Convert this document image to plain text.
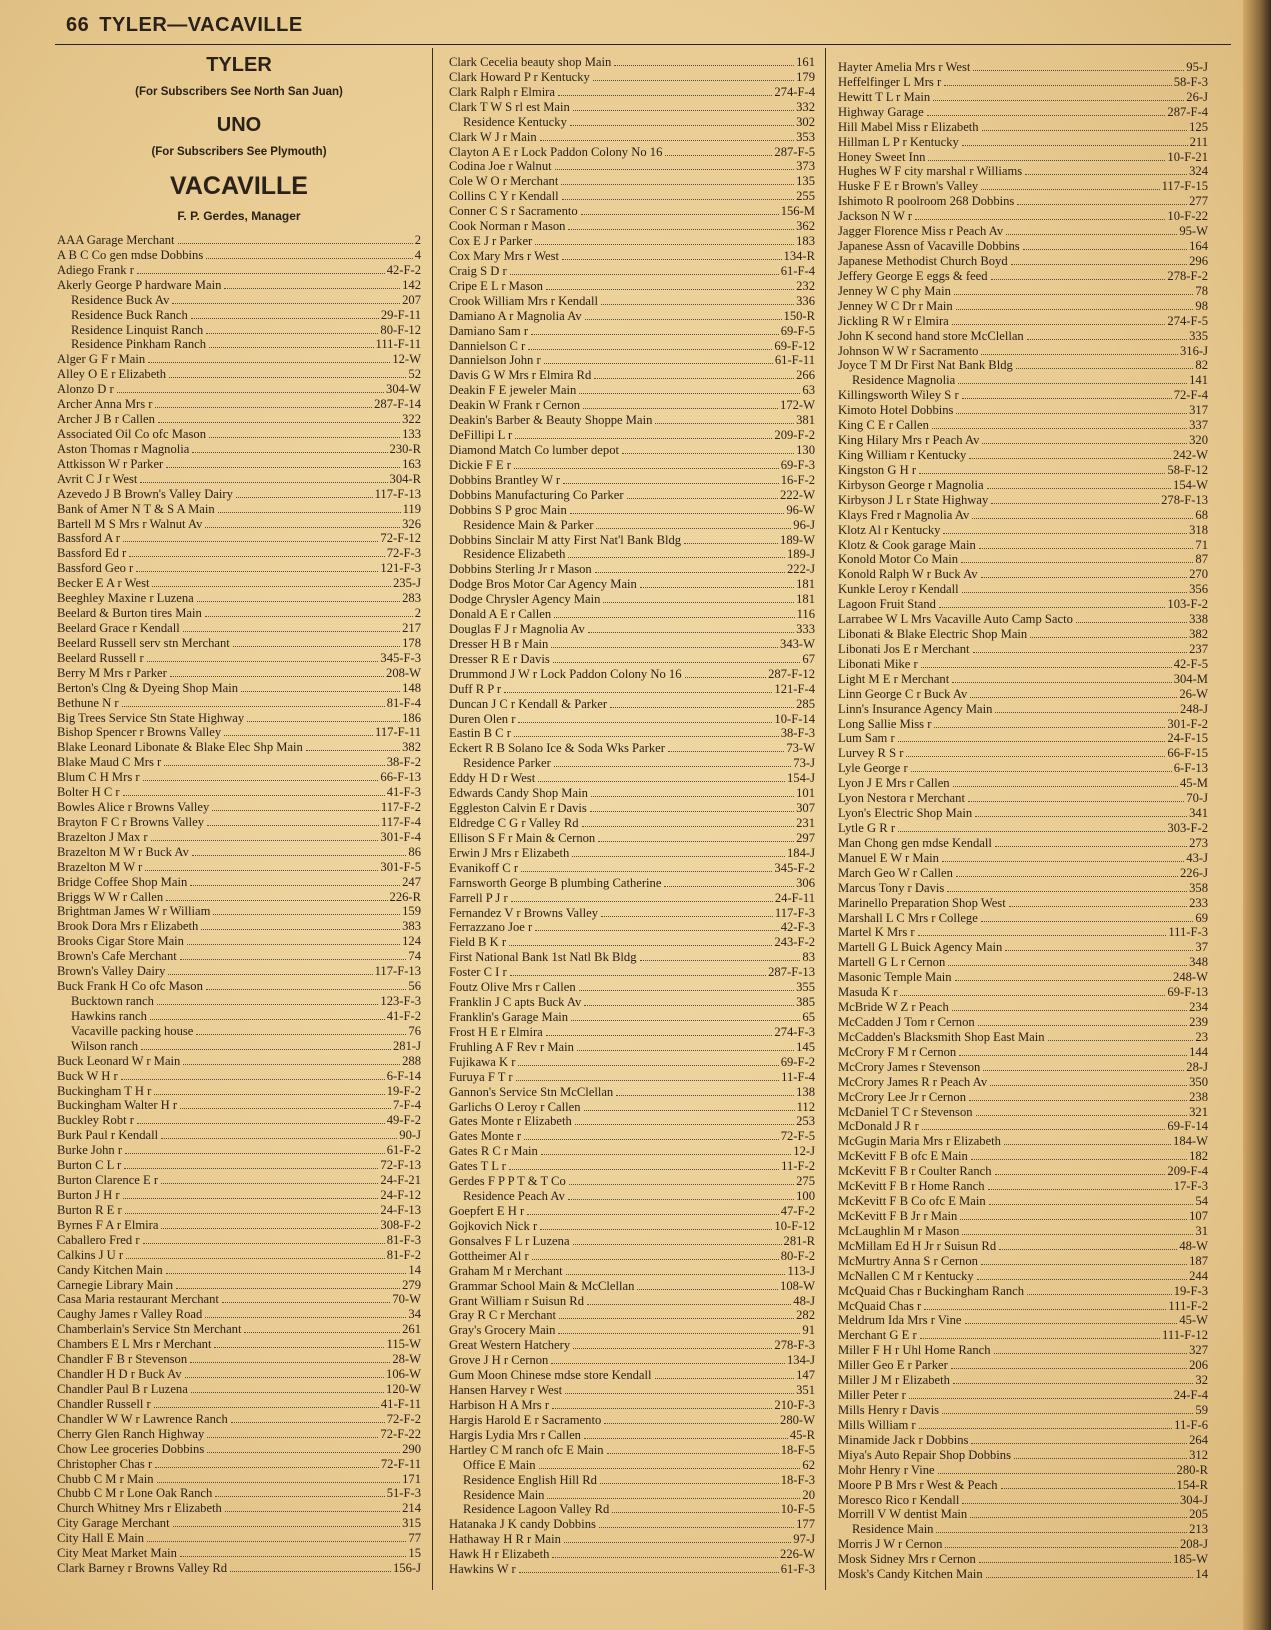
66 TYLER—VACAVILLE
TYLER
(For Subscribers See North San Juan)
UNO
(For Subscribers See Plymouth)
VACAVILLE
F. P. Gerdes, Manager
AAA Garage Merchant	2
A B C Co gen mdse Dobbins	4
Adiego Frank r	42-F-2
Akerly George P hardware Main	142
Residence Buck Av	207
Residence Buck Ranch	29-F-11
Residence Linquist Ranch	80-F-12
Residence Pinkham Ranch	111-F-11
Alger G F r Main	12-W
Alley O E r Elizabeth	52
Alonzo D r	304-W
Archer Anna Mrs r	287-F-14
Archer J B r Callen	322
Associated Oil Co ofc Mason	133
Aston Thomas r Magnolia	230-R
Attkisson W r Parker	163
Avrit C J r West	304-R
Azevedo J B Brown's Valley Dairy	117-F-13
Bank of Amer N T & S A Main	119
Bartell M S Mrs r Walnut Av	326
Bassford A r	72-F-12
Bassford Ed r	72-F-3
Bassford Geo r	121-F-3
Becker E A r West	235-J
Beeghley Maxine r Luzena	283
Beelard & Burton tires Main	2
Beelard Grace r Kendall	217
Beelard Russell serv stn Merchant	178
Beelard Russell r	345-F-3
Berry M Mrs r Parker	208-W
Berton's Clng & Dyeing Shop Main	148
Bethune N r	81-F-4
Big Trees Service Stn State Highway	186
Bishop Spencer r Browns Valley	117-F-11
Blake Leonard Libonate & Blake Elec Shp Main	382
Blake Maud C Mrs r	38-F-2
Blum C H Mrs r	66-F-13
Bolter H C r	41-F-3
Bowles Alice r Browns Valley	117-F-2
Brayton F C r Browns Valley	117-F-4
Brazelton J Max r	301-F-4
Brazelton M W r Buck Av	86
Brazelton M W r	301-F-5
Bridge Coffee Shop Main	247
Briggs W W r Callen	226-R
Brightman James W r William	159
Brook Dora Mrs r Elizabeth	383
Brooks Cigar Store Main	124
Brown's Cafe Merchant	74
Brown's Valley Dairy	117-F-13
Buck Frank H Co ofc Mason	56
Bucktown ranch	123-F-3
Hawkins ranch	41-F-2
Vacaville packing house	76
Wilson ranch	281-J
Buck Leonard W r Main	288
Buck W H r	6-F-14
Buckingham T H r	19-F-2
Buckingham Walter H r	7-F-4
Buckley Robt r	49-F-2
Burk Paul r Kendall	90-J
Burke John r	61-F-2
Burton C L r	72-F-13
Burton Clarence E r	24-F-21
Burton J H r	24-F-12
Burton R E r	24-F-13
Byrnes F A r Elmira	308-F-2
Caballero Fred r	81-F-3
Calkins J U r	81-F-2
Candy Kitchen Main	14
Carnegie Library Main	279
Casa Maria restaurant Merchant	70-W
Caughy James r Valley Road	34
Chamberlain's Service Stn Merchant	261
Chambers E L Mrs r Merchant	115-W
Chandler F B r Stevenson	28-W
Chandler H D r Buck Av	106-W
Chandler Paul B r Luzena	120-W
Chandler Russell r	41-F-11
Chandler W W r Lawrence Ranch	72-F-2
Cherry Glen Ranch Highway	72-F-22
Chow Lee groceries Dobbins	290
Christopher Chas r	72-F-11
Chubb C M r Main	171
Chubb C M r Lone Oak Ranch	51-F-3
Church Whitney Mrs r Elizabeth	214
City Garage Merchant	315
City Hall E Main	77
City Meat Market Main	15
Clark Barney r Browns Valley Rd	156-J
Clark Cecelia beauty shop Main	161
Clark Howard P r Kentucky	179
Clark Ralph r Elmira	274-F-4
Clark T W S rl est Main	332
Residence Kentucky	302
Clark W J r Main	353
Clayton A E r Lock Paddon Colony No 16	287-F-5
Codina Joe r Walnut	373
Cole W O r Merchant	135
Collins C Y r Kendall	255
Conner C S r Sacramento	156-M
Cook Norman r Mason	362
Cox E J r Parker	183
Cox Mary Mrs r West	134-R
Craig S D r	61-F-4
Cripe E L r Mason	232
Crook William Mrs r Kendall	336
Damiano A r Magnolia Av	150-R
Damiano Sam r	69-F-5
Dannielson C r	69-F-12
Dannielson John r	61-F-11
Davis G W Mrs r Elmira Rd	266
Deakin F E jeweler Main	63
Deakin W Frank r Cernon	172-W
Deakin's Barber & Beauty Shoppe Main	381
DeFillipi L r	209-F-2
Diamond Match Co lumber depot	130
Dickie F E r	69-F-3
Dobbins Brantley W r	16-F-2
Dobbins Manufacturing Co Parker	222-W
Dobbins S P groc Main	96-W
Residence Main & Parker	96-J
Dobbins Sinclair M atty First Nat'l Bank Bldg	189-W
Residence Elizabeth	189-J
Dobbins Sterling Jr r Mason	222-J
Dodge Bros Motor Car Agency Main	181
Dodge Chrysler Agency Main	181
Donald A E r Callen	116
Douglas F J r Magnolia Av	333
Dresser H B r Main	343-W
Dresser R E r Davis	67
Drummond J W r Lock Paddon Colony No 16	287-F-12
Duff R P r	121-F-4
Duncan J C r Kendall & Parker	285
Duren Olen r	10-F-14
Eastin B C r	38-F-3
Eckert R B Solano Ice & Soda Wks Parker	73-W
Residence Parker	73-J
Eddy H D r West	154-J
Edwards Candy Shop Main	101
Eggleston Calvin E r Davis	307
Eldredge C G r Valley Rd	231
Ellison S F r Main & Cernon	297
Erwin J Mrs r Elizabeth	184-J
Evanikoff C r	345-F-2
Farnsworth George B plumbing Catherine	306
Farrell P J r	24-F-11
Fernandez V r Browns Valley	117-F-3
Ferrazzano Joe r	42-F-3
Field B K r	243-F-2
First National Bank 1st Natl Bk Bldg	83
Foster C I r	287-F-13
Foutz Olive Mrs r Callen	355
Franklin J C apts Buck Av	385
Franklin's Garage Main	65
Frost H E r Elmira	274-F-3
Fruhling A F Rev r Main	145
Fujikawa K r	69-F-2
Furuya F T r	11-F-4
Gannon's Service Stn McClellan	138
Garlichs O Leroy r Callen	112
Gates Monte r Elizabeth	253
Gates Monte r	72-F-5
Gates R C r Main	12-J
Gates T L r	11-F-2
Gerdes F P P T & T Co	275
Residence Peach Av	100
Goepfert E H r	47-F-2
Gojkovich Nick r	10-F-12
Gonsalves F L r Luzena	281-R
Gottheimer Al r	80-F-2
Graham M r Merchant	113-J
Grammar School Main & McClellan	108-W
Grant William r Suisun Rd	48-J
Gray R C r Merchant	282
Gray's Grocery Main	91
Great Western Hatchery	278-F-3
Grove J H r Cernon	134-J
Gum Moon Chinese mdse store Kendall	147
Hansen Harvey r West	351
Harbison H A Mrs r	210-F-3
Hargis Harold E r Sacramento	280-W
Hargis Lydia Mrs r Callen	45-R
Hartley C M ranch ofc E Main	18-F-5
Office E Main	62
Residence English Hill Rd	18-F-3
Residence Main	20
Residence Lagoon Valley Rd	10-F-5
Hatanaka J K candy Dobbins	177
Hathaway H R r Main	97-J
Hawk H r Elizabeth	226-W
Hawkins W r	61-F-3
Hayter Amelia Mrs r West	95-J
Heffelfinger L Mrs r	58-F-3
Hewitt T L r Main	26-J
Highway Garage	287-F-4
Hill Mabel Miss r Elizabeth	125
Hillman L P r Kentucky	211
Honey Sweet Inn	10-F-21
Hughes W F city marshal r Williams	324
Huske F E r Brown's Valley	117-F-15
Ishimoto R poolroom 268 Dobbins	277
Jackson N W r	10-F-22
Jagger Florence Miss r Peach Av	95-W
Japanese Assn of Vacaville Dobbins	164
Japanese Methodist Church Boyd	296
Jeffery George E eggs & feed	278-F-2
Jenney W C phy Main	78
Jenney W C Dr r Main	98
Jickling R W r Elmira	274-F-5
John K second hand store McClellan	335
Johnson W W r Sacramento	316-J
Joyce T M Dr First Nat Bank Bldg	82
Residence Magnolia	141
Killingsworth Wiley S r	72-F-4
Kimoto Hotel Dobbins	317
King C E r Callen	337
King Hilary Mrs r Peach Av	320
King William r Kentucky	242-W
Kingston G H r	58-F-12
Kirbyson George r Magnolia	154-W
Kirbyson J L r State Highway	278-F-13
Klays Fred r Magnolia Av	68
Klotz Al r Kentucky	318
Klotz & Cook garage Main	71
Konold Motor Co Main	87
Konold Ralph W r Buck Av	270
Kunkle Leroy r Kendall	356
Lagoon Fruit Stand	103-F-2
Larrabee W L Mrs Vacaville Auto Camp Sacto	338
Libonati & Blake Electric Shop Main	382
Libonati Jos E r Merchant	237
Libonati Mike r	42-F-5
Light M E r Merchant	304-M
Linn George C r Buck Av	26-W
Linn's Insurance Agency Main	248-J
Long Sallie Miss r	301-F-2
Lum Sam r	24-F-15
Lurvey R S r	66-F-15
Lyle George r	6-F-13
Lyon J E Mrs r Callen	45-M
Lyon Nestora r Merchant	70-J
Lyon's Electric Shop Main	341
Lytle G R r	303-F-2
Man Chong gen mdse Kendall	273
Manuel E W r Main	43-J
March Geo W r Callen	226-J
Marcus Tony r Davis	358
Marinello Preparation Shop West	233
Marshall L C Mrs r College	69
Martel K Mrs r	111-F-3
Martell G L Buick Agency Main	37
Martell G L r Cernon	348
Masonic Temple Main	248-W
Masuda K r	69-F-13
McBride W Z r Peach	234
McCadden J Tom r Cernon	239
McCadden's Blacksmith Shop East Main	23
McCrory F M r Cernon	144
McCrory James r Stevenson	28-J
McCrory James R r Peach Av	350
McCrory Lee Jr r Cernon	238
McDaniel T C r Stevenson	321
McDonald J R r	69-F-14
McGugin Maria Mrs r Elizabeth	184-W
McKevitt F B ofc E Main	182
McKevitt F B r Coulter Ranch	209-F-4
McKevitt F B r Home Ranch	17-F-3
McKevitt F B Co ofc E Main	54
McKevitt F B Jr r Main	107
McLaughlin M r Mason	31
McMillam Ed H Jr r Suisun Rd	48-W
McMurtry Anna S r Cernon	187
McNallen C M r Kentucky	244
McQuaid Chas r Buckingham Ranch	19-F-3
McQuaid Chas r	111-F-2
Meldrum Ida Mrs r Vine	45-W
Merchant G E r	111-F-12
Miller F H r Uhl Home Ranch	327
Miller Geo E r Parker	206
Miller J M r Elizabeth	32
Miller Peter r	24-F-4
Mills Henry r Davis	59
Mills William r	11-F-6
Minamide Jack r Dobbins	264
Miya's Auto Repair Shop Dobbins	312
Mohr Henry r Vine	280-R
Moore P B Mrs r West & Peach	154-R
Moresco Rico r Kendall	304-J
Morrill V W dentist Main	205
Residence Main	213
Morris J W r Cernon	208-J
Mosk Sidney Mrs r Cernon	185-W
Mosk's Candy Kitchen Main	14
